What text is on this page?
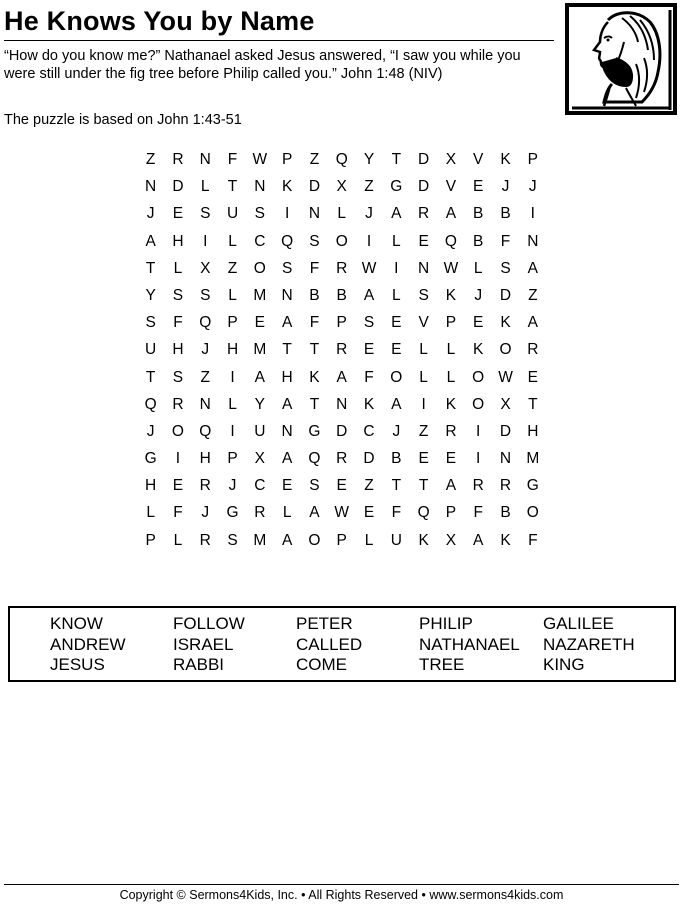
He Knows You by Name
“How do you know me?” Nathanael asked Jesus answered, “I saw you while you were still under the fig tree before Philip called you.” John 1:48 (NIV)
The puzzle is based on John 1:43-51
Z	R	N	F W P	Z	Q	Y	T	D	X	V	K	P
N	D	L	T	N	K	D	X	Z	G	D	V	E	J	J
J	E	S	U	S	I	N	L	J	A	R	A	B	B	I
A	H	I	L	C	Q	S	O	I	L	E	Q	B	F	N
T	L	X	Z	O	S	F	R W	I	N W	L	S	A
Y	S	S	L	M N	B	B	A	L	S	K	J	D	Z
S	F	Q	P	E	A	F	P	S	E	V	P	E	K	A
U	H	J	H M	T	T	R	E	E	L	L	K	O	R
T	S	Z	I	A	H	K	A	F	O	L	L	O W E
Q	R	N	L	Y	A	T	N	K	A	I	K	O	X	T
J	O Q	I	U	N	G	D	C	J	Z	R	I	D	H
G	I	H	P	X	A	Q	R	D	B	E	E	I	N M
H	E	R	J	C	E	S	E	Z	T	T	A	R	R	G
L	F	J	G	R	L	A W E	F	Q	P	F	B	O
P	L	R	S	M	A	O	P	L	U	K	X	A	K	F
KNOW	FOLLOW	PETER	PHILIP	GALILEE
ANDREW	ISRAEL	CALLED	NATHANAEL	NAZARETH
JESUS	RABBI	COME	TREE	KING
Copyright © Sermons4Kids, Inc. • All Rights Reserved • www.sermons4kids.com
